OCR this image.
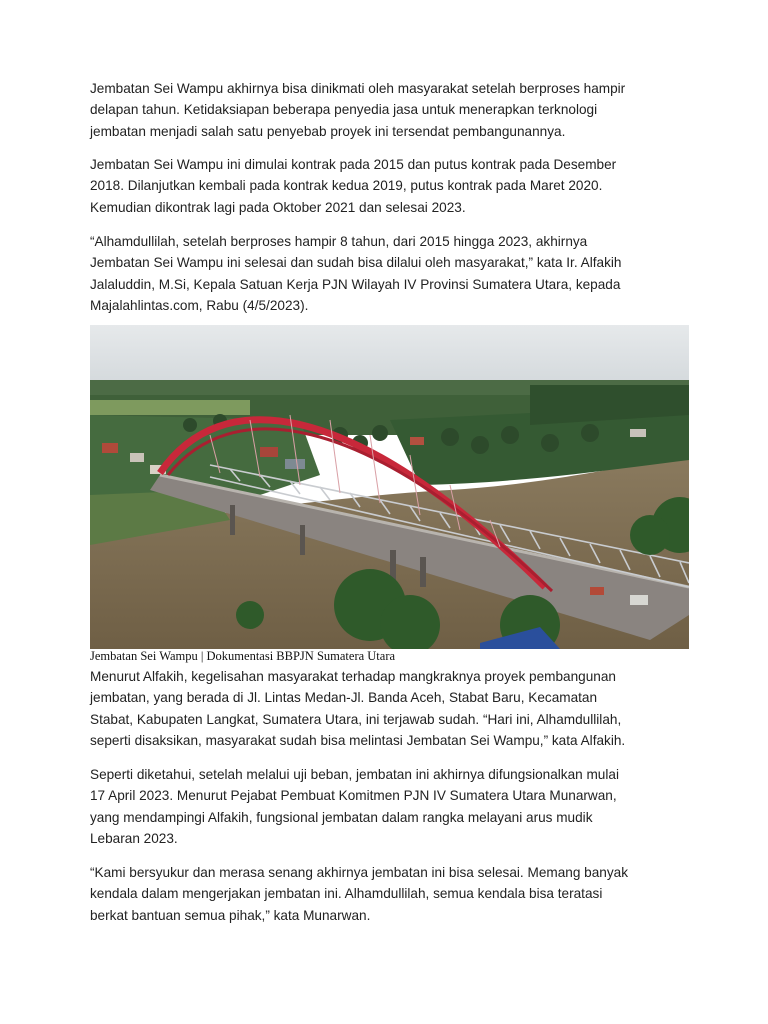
Jembatan Sei Wampu akhirnya bisa dinikmati oleh masyarakat setelah berproses hampir
delapan tahun. Ketidaksiapan beberapa penyedia jasa untuk menerapkan terknologi
jembatan menjadi salah satu penyebab proyek ini tersendat pembangunannya.

Jembatan Sei Wampu ini dimulai kontrak pada 2015 dan putus kontrak pada Desember
2018. Dilanjutkan kembali pada kontrak kedua 2019, putus kontrak pada Maret 2020.
Kemudian dikontrak lagi pada Oktober 2021 dan selesai 2023.

“Alhamdullilah, setelah berproses hampir 8 tahun, dari 2015 hingga 2023, akhirnya
Jembatan Sei Wampu ini selesai dan sudah bisa dilalui oleh masyarakat,” kata Ir. Alfakih
Jalaluddin, M.Si, Kepala Satuan Kerja PJN Wilayah IV Provinsi Sumatera Utara, kepada
Majalahlintas.com, Rabu (4/5/2023).

Jembatan Sei Wampu | Dokumentasi BBPJN Sumatera Utara

Menurut Alfakih, kegelisahan masyarakat terhadap mangkraknya proyek pembangunan
jembatan, yang berada di Jl. Lintas Medan-Jl. Banda Aceh, Stabat Baru, Kecamatan
Stabat, Kabupaten Langkat, Sumatera Utara, ini terjawab sudah. “Hari ini, Alhamdullilah,
seperti disaksikan, masyarakat sudah bisa melintasi Jembatan Sei Wampu,” kata Alfakih.

Seperti diketahui, setelah melalui uji beban, jembatan ini akhirnya difungsionalkan mulai
17 April 2023. Menurut Pejabat Pembuat Komitmen PJN IV Sumatera Utara Munarwan,
yang mendampingi Alfakih, fungsional jembatan dalam rangka melayani arus mudik
Lebaran 2023.

“Kami bersyukur dan merasa senang akhirnya jembatan ini bisa selesai. Memang banyak
kendala dalam mengerjakan jembatan ini. Alhamdullilah, semua kendala bisa teratasi
berkat bantuan semua pihak,” kata Munarwan.
